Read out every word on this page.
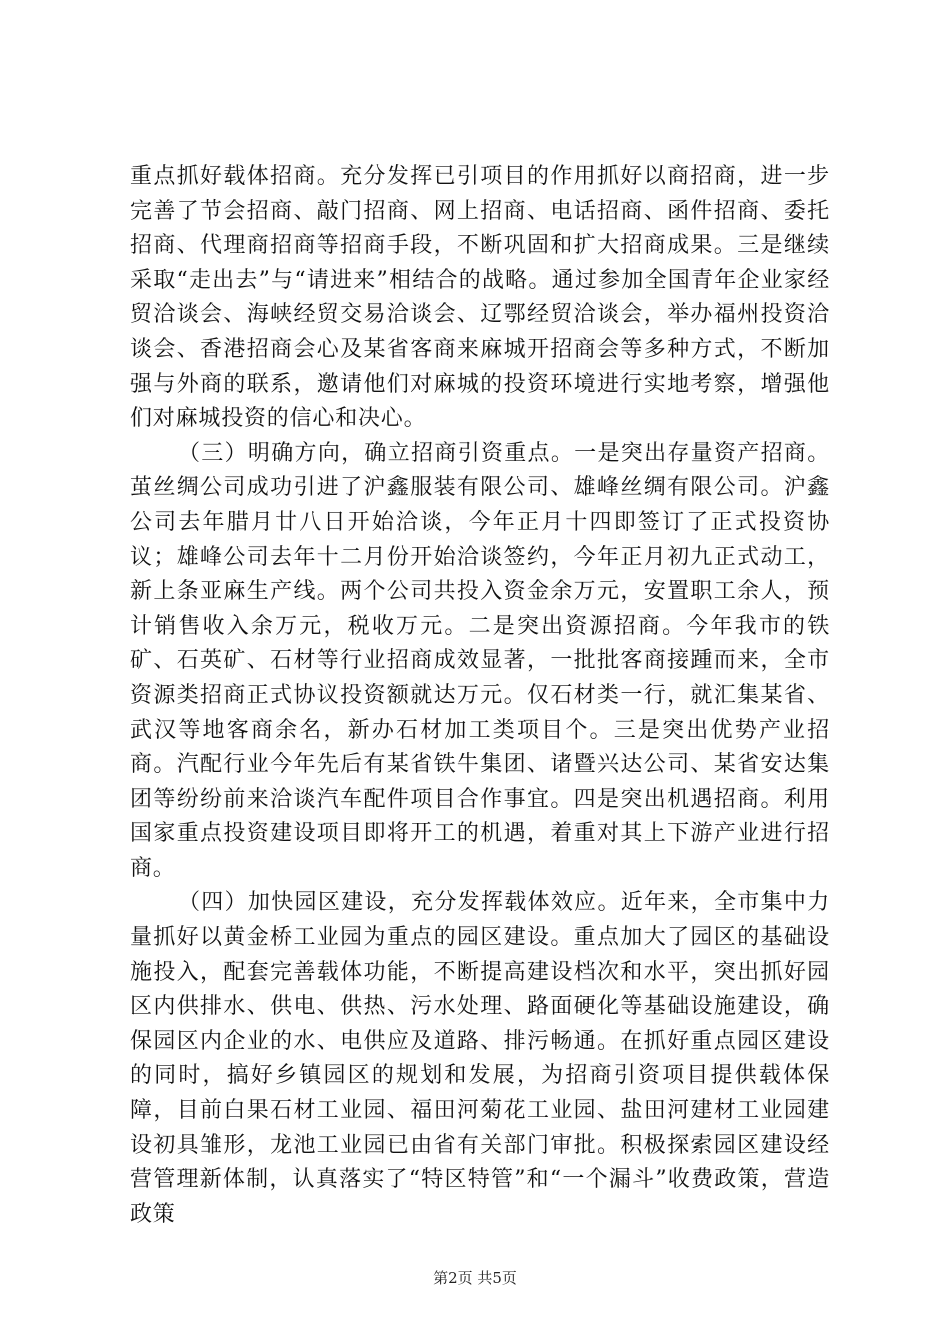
重点抓好载体招商。充分发挥已引项目的作用抓好以商招商，进一步完善了节会招商、敲门招商、网上招商、电话招商、函件招商、委托招商、代理商招商等招商手段，不断巩固和扩大招商成果。三是继续采取“走出去”与“请进来”相结合的战略。通过参加全国青年企业家经贸洽谈会、海峡经贸交易洽谈会、辽鄂经贸洽谈会，举办福州投资洽谈会、香港招商会心及某省客商来麻城开招商会等多种方式，不断加强与外商的联系，邀请他们对麻城的投资环境进行实地考察，增强他们对麻城投资的信心和决心。

（三）明确方向，确立招商引资重点。一是突出存量资产招商。茧丝绸公司成功引进了沪鑫服装有限公司、雄峰丝绸有限公司。沪鑫公司去年腊月廿八日开始洽谈，今年正月十四即签订了正式投资协议；雄峰公司去年十二月份开始洽谈签约，今年正月初九正式动工，新上条亚麻生产线。两个公司共投入资金余万元，安置职工余人，预计销售收入余万元，税收万元。二是突出资源招商。今年我市的铁矿、石英矿、石材等行业招商成效显著，一批批客商接踵而来，全市资源类招商正式协议投资额就达万元。仅石材类一行，就汇集某省、武汉等地客商余名，新办石材加工类项目个。三是突出优势产业招商。汽配行业今年先后有某省铁牛集团、诸暨兴达公司、某省安达集团等纷纷前来洽谈汽车配件项目合作事宜。四是突出机遇招商。利用国家重点投资建设项目即将开工的机遇，着重对其上下游产业进行招商。

（四）加快园区建设，充分发挥载体效应。近年来，全市集中力量抓好以黄金桥工业园为重点的园区建设。重点加大了园区的基础设施投入，配套完善载体功能，不断提高建设档次和水平，突出抓好园区内供排水、供电、供热、污水处理、路面硬化等基础设施建设，确保园区内企业的水、电供应及道路、排污畅通。在抓好重点园区建设的同时，搞好乡镇园区的规划和发展，为招商引资项目提供载体保障，目前白果石材工业园、福田河菊花工业园、盐田河建材工业园建设初具雏形，龙池工业园已由省有关部门审批。积极探索园区建设经营管理新体制，认真落实了“特区特管”和“一个漏斗”收费政策，营造政策

第2页 共5页
